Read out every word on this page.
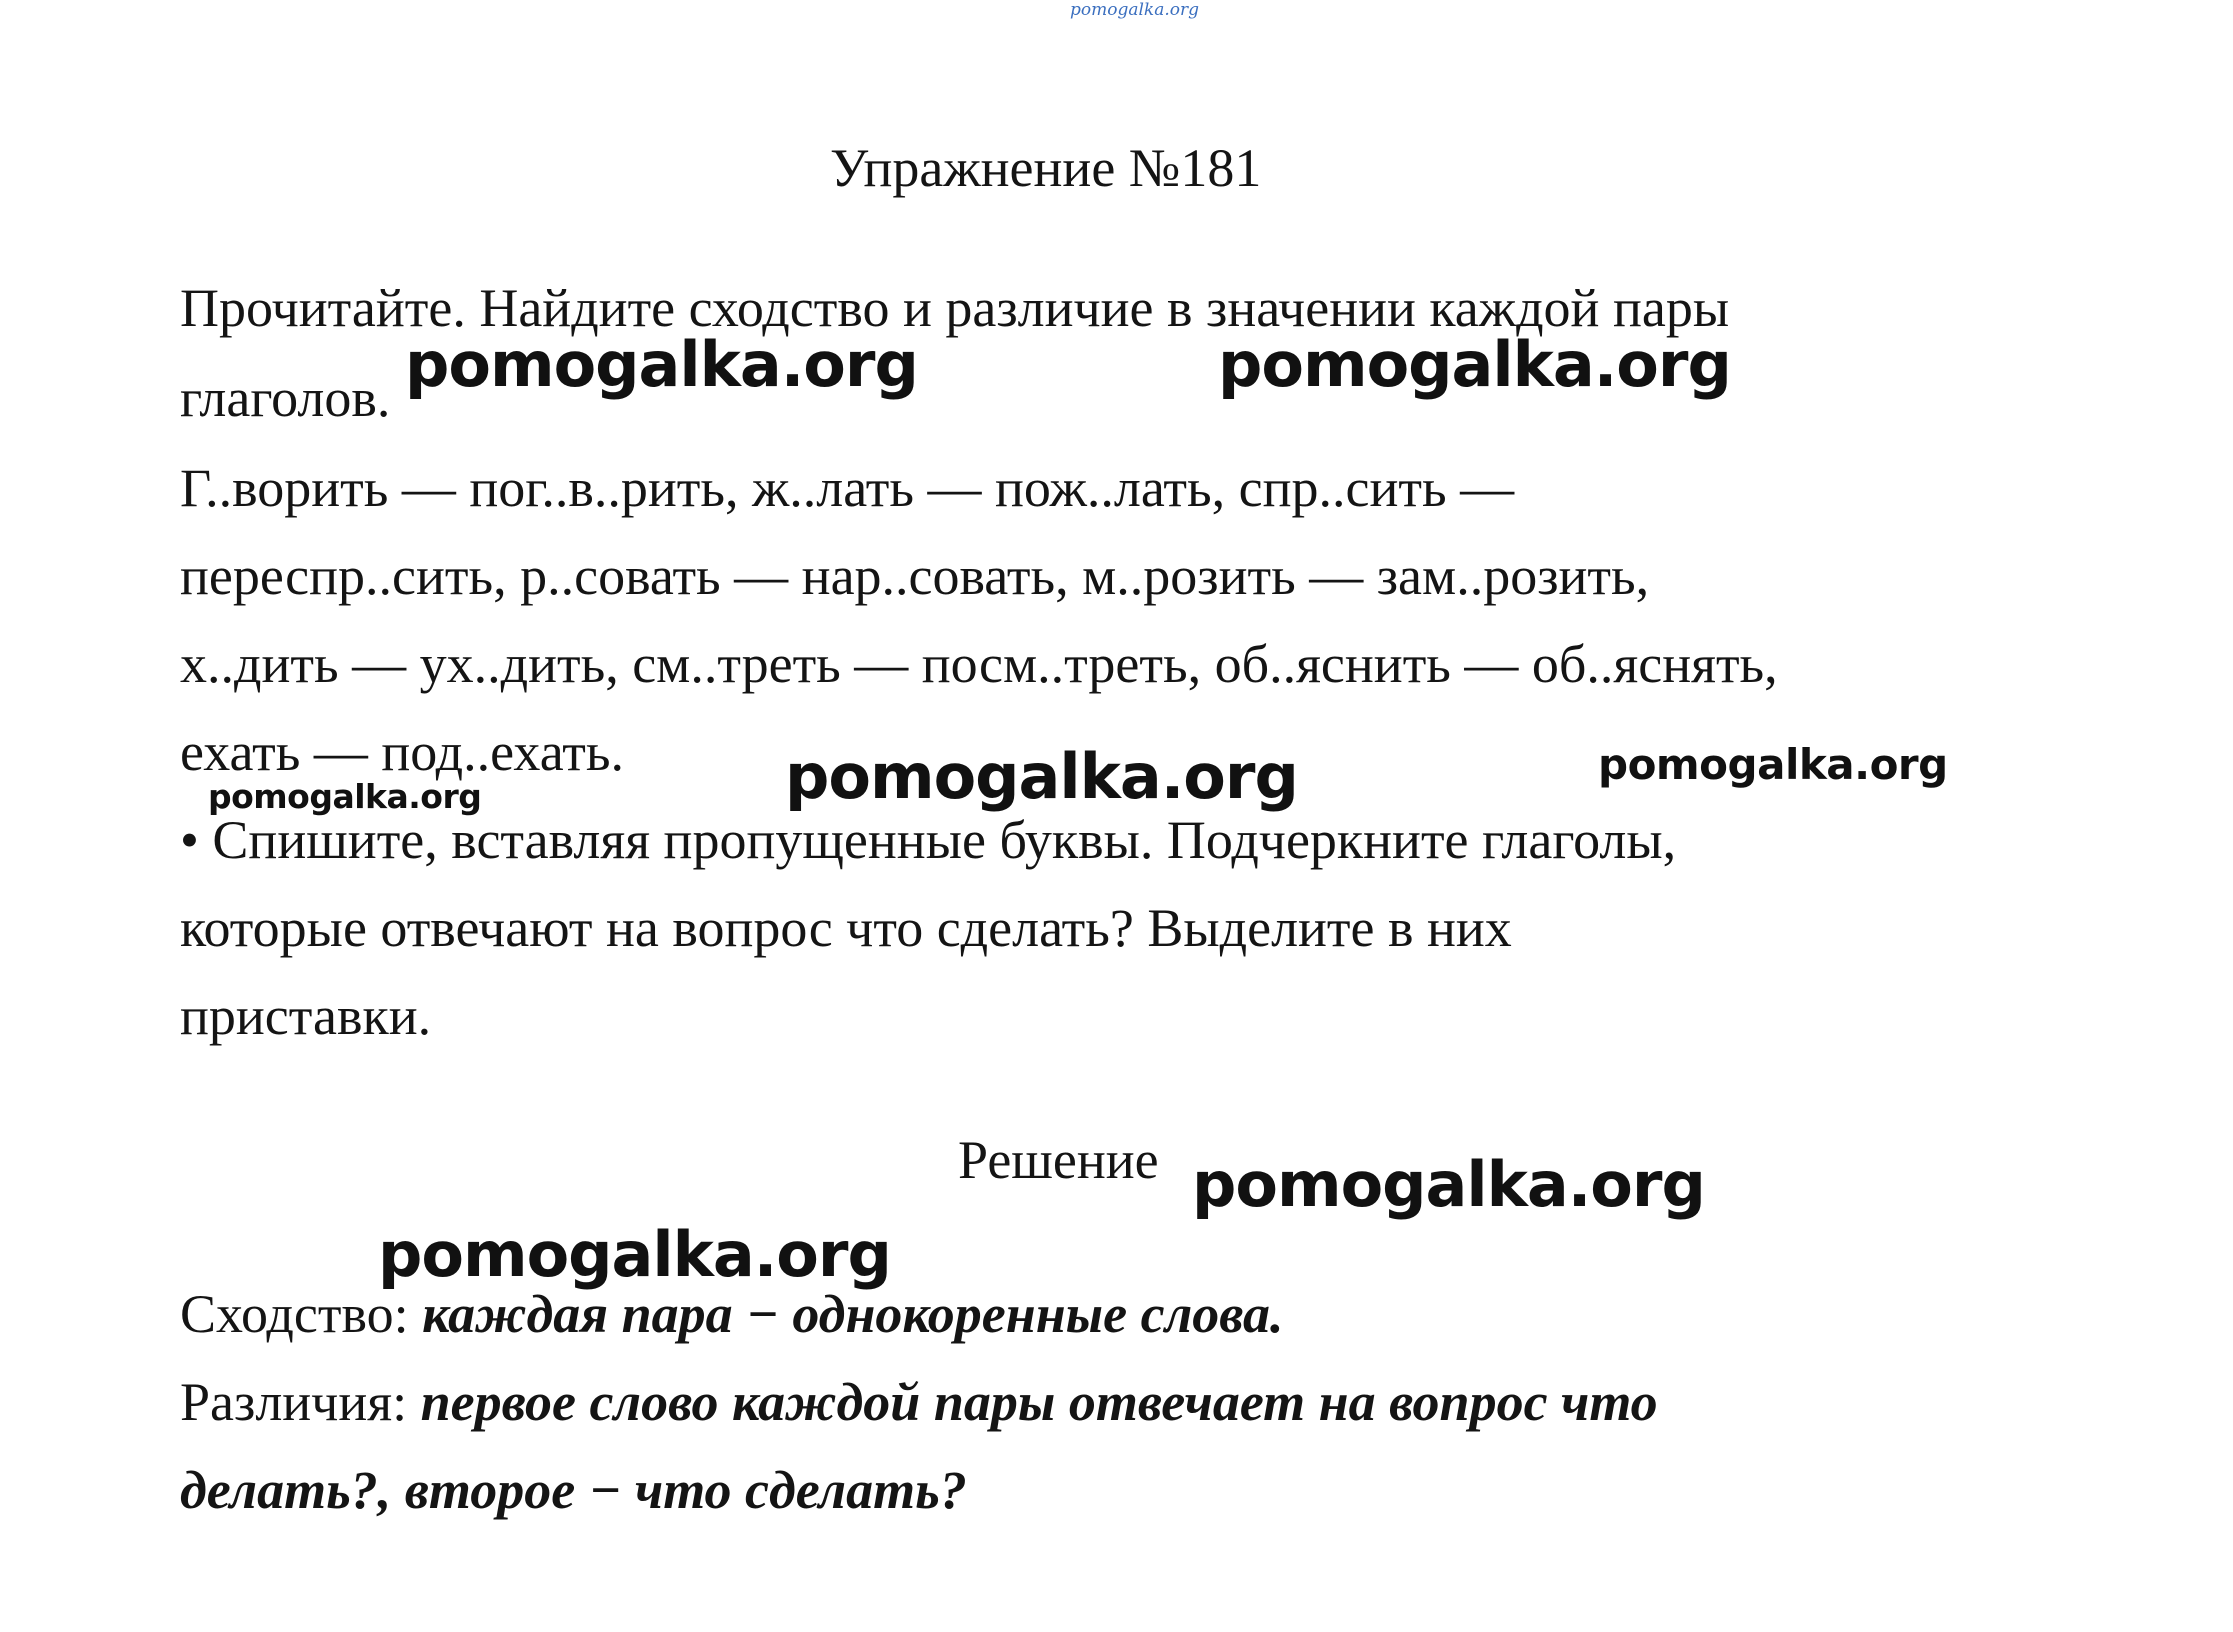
pomogalka.org
Упражнение №181
Прочитайте. Найдите сходство и различие в значении каждой пары
глаголов.
Г..ворить — пог..в..рить, ж..лать — пож..лать, спр..сить —
переспр..сить, р..совать — нар..совать, м..розить — зам..розить,
х..дить — ух..дить, см..треть — посм..треть, об..яснить — об..яснять,
ехать — под..ехать.
• Спишите, вставляя пропущенные буквы. Подчеркните глаголы,
которые отвечают на вопрос что сделать? Выделите в них
приставки.
Решение
Сходство: каждая пара − однокоренные слова.
Различия: первое слово каждой пары отвечает на вопрос что
делать?, второе − что сделать?
pomogalka.org	pomogalka.org
pomogalka.org	pomogalka.org	pomogalka.org
pomogalka.org
pomogalka.org
